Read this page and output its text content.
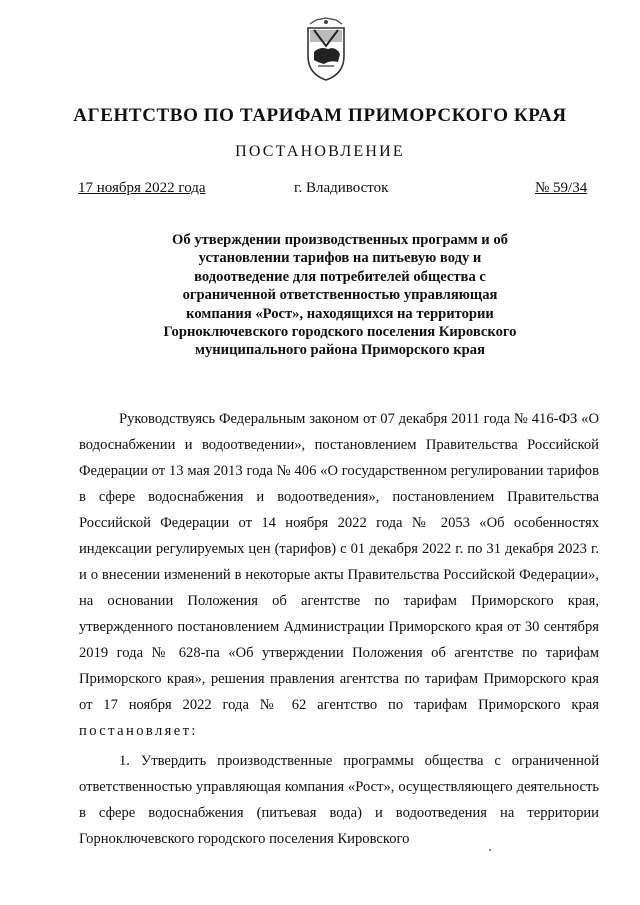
АГЕНТСТВО ПО ТАРИФАМ ПРИМОРСКОГО КРАЯ
ПОСТАНОВЛЕНИЕ
17 ноября 2022 года	г. Владивосток	№ 59/34
Об утверждении производственных программ и об установлении тарифов на питьевую воду и водоотведение для потребителей общества с ограниченной ответственностью управляющая компания «Рост», находящихся на территории Горноключевского городского поселения Кировского муниципального района Приморского края

Руководствуясь Федеральным законом от 07 декабря 2011 года № 416-ФЗ «О водоснабжении и водоотведении», постановлением Правительства Российской Федерации от 13 мая 2013 года № 406 «О государственном регулировании тарифов в сфере водоснабжения и водоотведения», постановлением Правительства Российской Федерации от 14 ноября 2022 года № 2053 «Об особенностях индексации регулируемых цен (тарифов) с 01 декабря 2022 г. по 31 декабря 2023 г. и о внесении изменений в некоторые акты Правительства Российской Федерации», на основании Положения об агентстве по тарифам Приморского края, утвержденного постановлением Администрации Приморского края от 30 сентября 2019 года № 628-па «Об утверждении Положения об агентстве по тарифам Приморского края», решения правления агентства по тарифам Приморского края от 17 ноября 2022 года № 62 агентство по тарифам Приморского края постановляет:

1. Утвердить производственные программы общества с ограниченной ответственностью управляющая компания «Рост», осуществляющего деятельность в сфере водоснабжения (питьевая вода) и водоотведения на территории Горноключевского городского поселения Кировского
